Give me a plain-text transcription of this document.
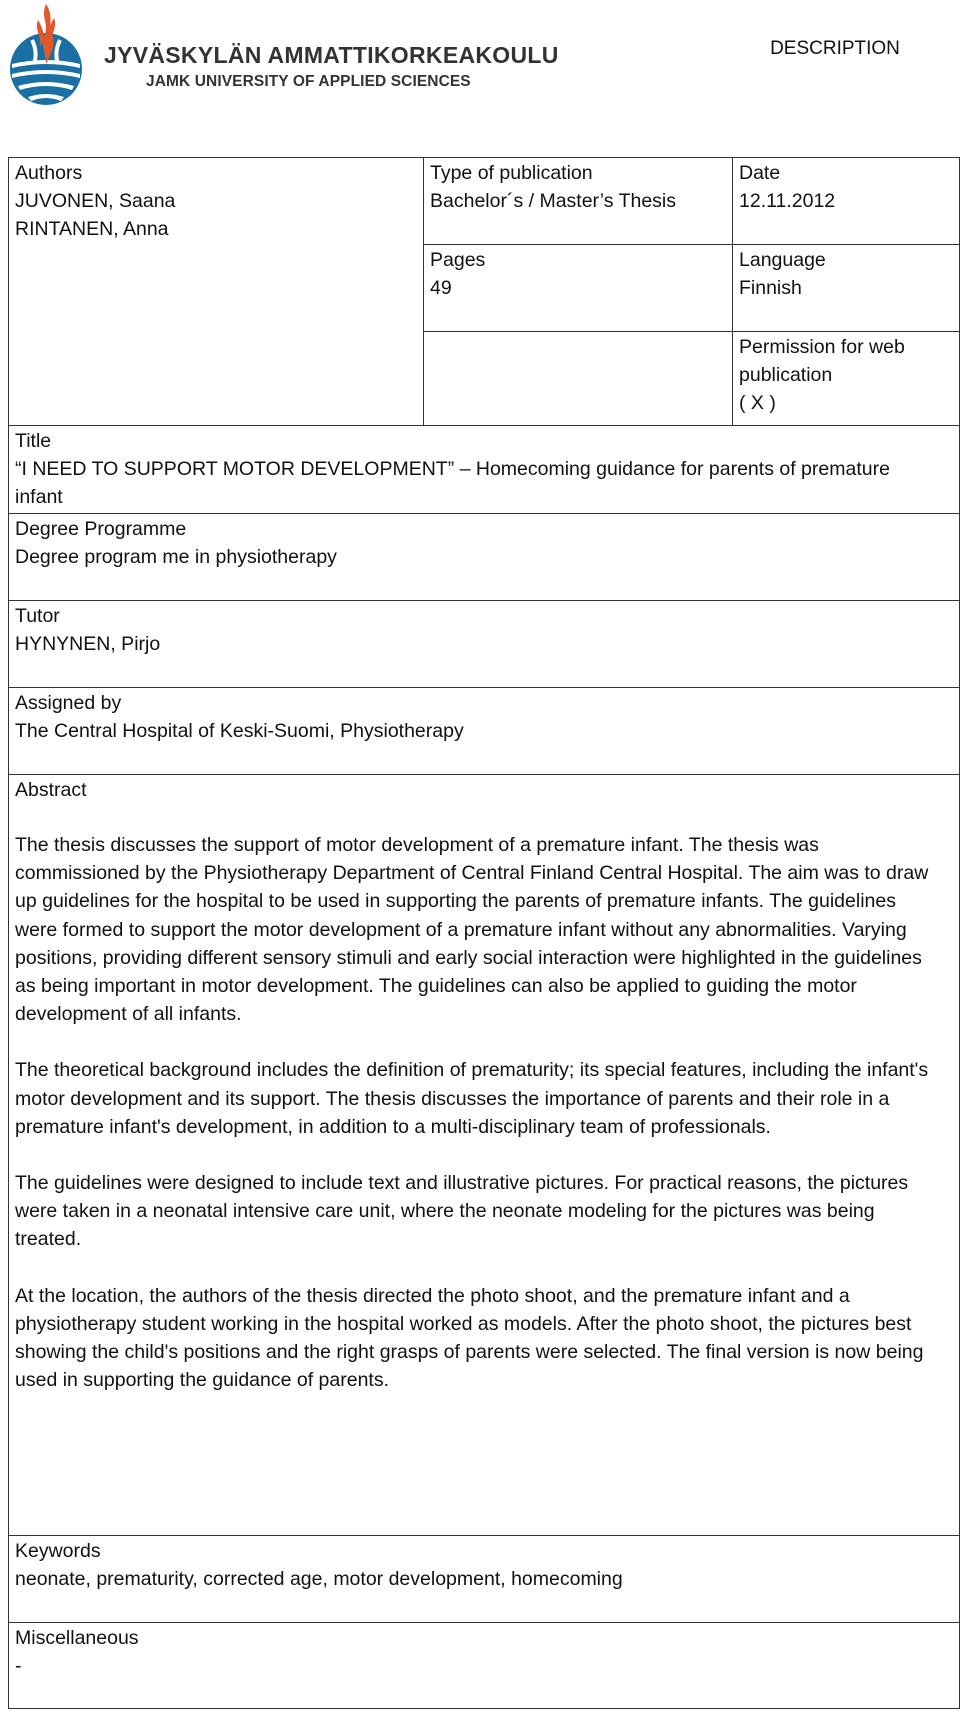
JYVÄSKYLÄN AMMATTIKORKEAKOULU
JAMK UNIVERSITY OF APPLIED SCIENCES
DESCRIPTION
Authors
JUVONEN, Saana
RINTANEN, Anna
Type of publication
Bachelor´s / Master’s Thesis
Date
12.11.2012
Pages
49
Language
Finnish
Permission for web
publication
( X )
Title
“I NEED TO SUPPORT MOTOR DEVELOPMENT” – Homecoming guidance for parents of premature
infant
Degree Programme
Degree program me in physiotherapy
Tutor
HYNYNEN, Pirjo
Assigned by
The Central Hospital of Keski-Suomi, Physiotherapy
Abstract

The thesis discusses the support of motor development of a premature infant. The thesis was commissioned by the Physiotherapy Department of Central Finland Central Hospital. The aim was to draw up guidelines for the hospital to be used in supporting the parents of premature infants. The guidelines were formed to support the motor development of a premature infant without any abnormalities. Varying positions, providing different sensory stimuli and early social interaction were highlighted in the guidelines as being important in motor development. The guidelines can also be applied to guiding the motor development of all infants.

The theoretical background includes the definition of prematurity; its special features, including the infant's motor development and its support. The thesis discusses the importance of parents and their role in a premature infant's development, in addition to a multi-disciplinary team of professionals.

The guidelines were designed to include text and illustrative pictures. For practical reasons, the pictures were taken in a neonatal intensive care unit, where the neonate modeling for the pictures was being treated.

At the location, the authors of the thesis directed the photo shoot, and the premature infant and a physiotherapy student working in the hospital worked as models. After the photo shoot, the pictures best showing the child's positions and the right grasps of parents were selected. The final version is now being used in supporting the guidance of parents.

Keywords
neonate, prematurity, corrected age, motor development, homecoming
Miscellaneous
-
